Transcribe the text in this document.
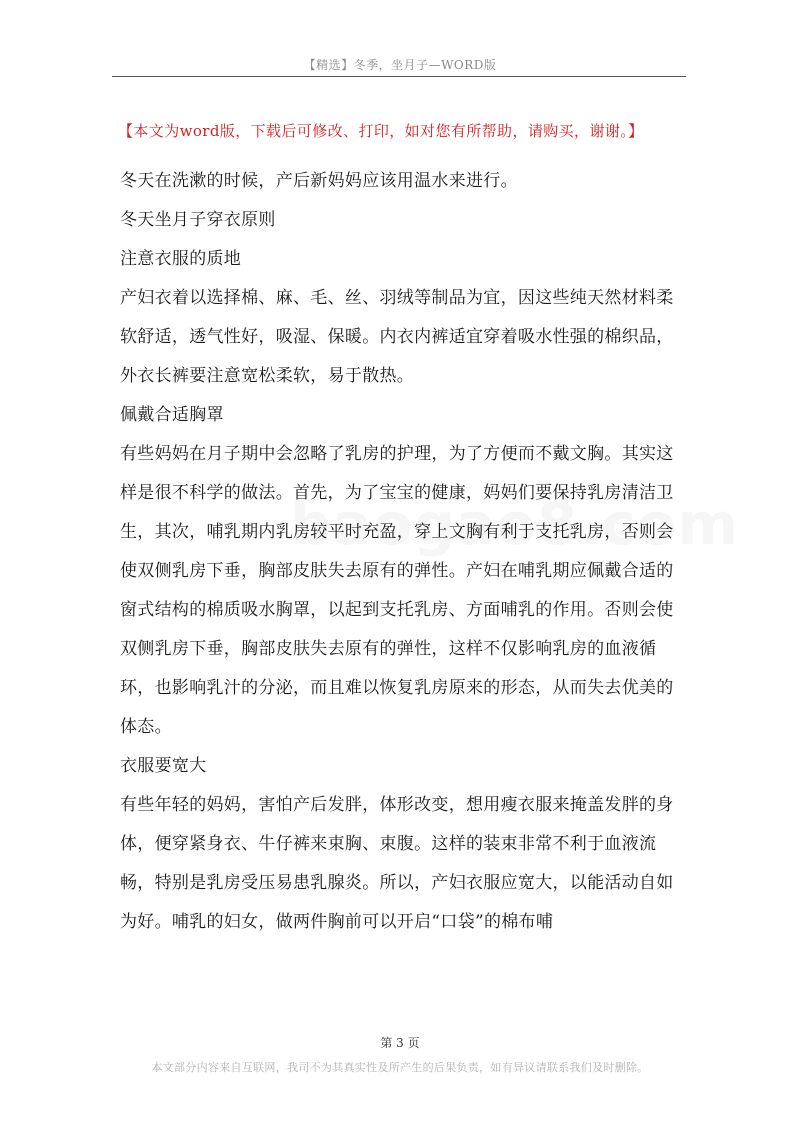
【精选】冬季，坐月子—WORD版
【本文为word版，下载后可修改、打印，如对您有所帮助，请购买，谢谢。】

冬天在洗漱的时候，产后新妈妈应该用温水来进行。

冬天坐月子穿衣原则

注意衣服的质地

产妇衣着以选择棉、麻、毛、丝、羽绒等制品为宜，因这些纯天然材料柔软舒适，透气性好，吸湿、保暖。内衣内裤适宜穿着吸水性强的棉织品，外衣长裤要注意宽松柔软，易于散热。

佩戴合适胸罩

有些妈妈在月子期中会忽略了乳房的护理，为了方便而不戴文胸。其实这样是很不科学的做法。首先，为了宝宝的健康，妈妈们要保持乳房清洁卫生，其次，哺乳期内乳房较平时充盈，穿上文胸有利于支托乳房，否则会使双侧乳房下垂，胸部皮肤失去原有的弹性。产妇在哺乳期应佩戴合适的窗式结构的棉质吸水胸罩，以起到支托乳房、方面哺乳的作用。否则会使双侧乳房下垂，胸部皮肤失去原有的弹性，这样不仅影响乳房的血液循环，也影响乳汁的分泌，而且难以恢复乳房原来的形态，从而失去优美的体态。

衣服要宽大

有些年轻的妈妈，害怕产后发胖，体形改变，想用瘦衣服来掩盖发胖的身体，便穿紧身衣、牛仔裤来束胸、束腹。这样的装束非常不利于血液流畅，特别是乳房受压易患乳腺炎。所以，产妇衣服应宽大，以能活动自如为好。哺乳的妇女，做两件胸前可以开启“口袋”的棉布哺

第 3 页
本文部分内容来自互联网，我司不为其真实性及所产生的后果负责，如有异议请联系我们及时删除。
